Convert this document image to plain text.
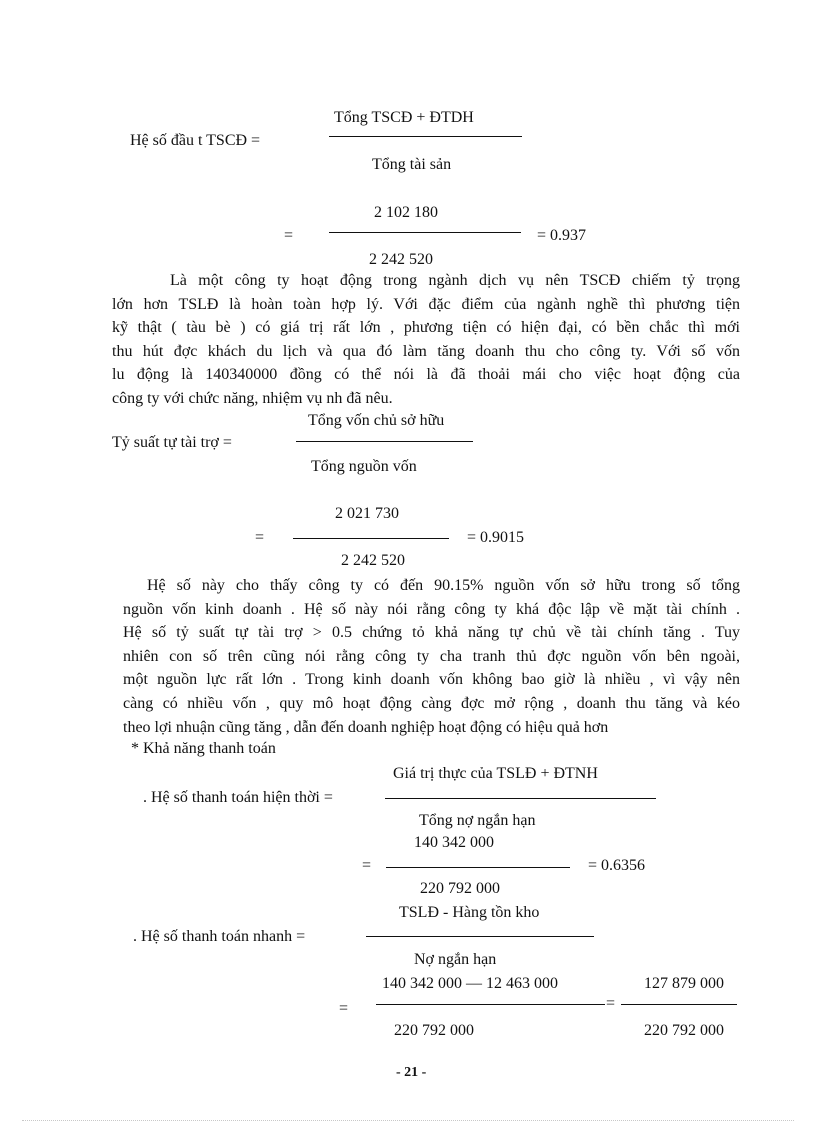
Tổng TSCĐ + ĐTDH
Hệ số đầu t TSCĐ =
Tổng tài sản
2 102 180
=	= 0.937
2 242 520
Là một công ty hoạt động trong ngành dịch vụ nên TSCĐ chiếm tỷ trọng
lớn hơn TSLĐ là hoàn toàn hợp lý. Với đặc điểm của ngành nghề thì phương tiện
kỹ thật ( tàu bè ) có giá trị rất lớn , phương tiện có hiện đại, có bền chắc thì mới
thu hút đợc khách du lịch và qua đó làm tăng doanh thu cho công ty. Với số vốn
lu động là 140340000 đồng có thể nói là đã thoải mái cho việc hoạt động của
công ty với chức năng, nhiệm vụ nh đã nêu.
Tổng vốn chủ sở hữu
Tỷ suất tự tài trợ =
Tổng nguồn vốn
2 021 730
=	= 0.9015
2 242 520
Hệ số này cho thấy công ty có đến 90.15% nguồn vốn sở hữu trong số tổng
nguồn vốn kinh doanh . Hệ số này nói rằng công ty khá độc lập về mặt tài chính .
Hệ số tỷ suất tự tài trợ > 0.5 chứng tỏ khả năng tự chủ về tài chính tăng . Tuy
nhiên con số trên cũng nói rằng công ty cha tranh thủ đợc nguồn vốn bên ngoài,
một nguồn lực rất lớn . Trong kinh doanh vốn không bao giờ là nhiều , vì vậy nên
càng có nhiều vốn , quy mô hoạt động càng đợc mở rộng , doanh thu tăng và kéo
theo lợi nhuận cũng tăng , dẫn đến doanh nghiệp hoạt động có hiệu quả hơn
* Khả năng thanh toán
Giá trị thực của TSLĐ + ĐTNH
. Hệ số thanh toán hiện thời =
Tổng nợ ngắn hạn
140 342 000
=	= 0.6356
220 792 000
TSLĐ - Hàng tồn kho
. Hệ số thanh toán nhanh =
Nợ ngắn hạn
140 342 000 — 12 463 000	127 879 000
=	=
220 792 000	220 792 000
- 21 -
